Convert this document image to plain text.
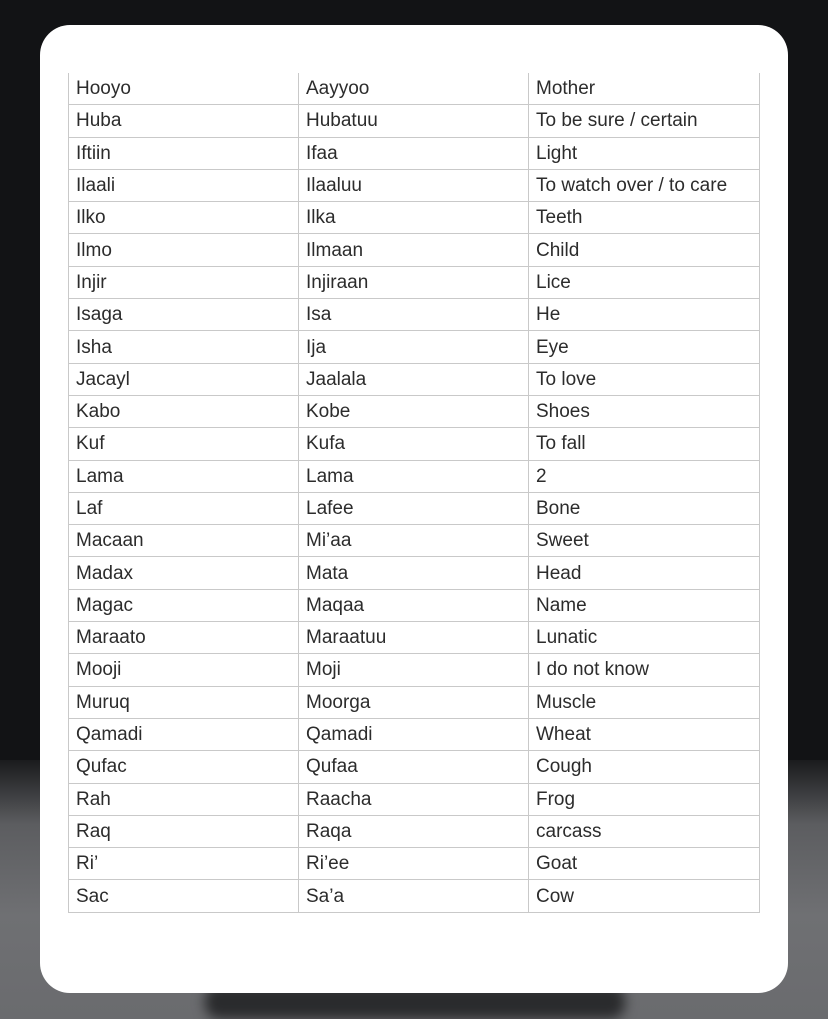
Hooyo	Aayyoo	Mother
Huba	Hubatuu	To be sure / certain
Iftiin	Ifaa	Light
Ilaali	Ilaaluu	To watch over / to care
Ilko	Ilka	Teeth
Ilmo	Ilmaan	Child
Injir	Injiraan	Lice
Isaga	Isa	He
Isha	Ija	Eye
Jacayl	Jaalala	To love
Kabo	Kobe	Shoes
Kuf	Kufa	To fall
Lama	Lama	2
Laf	Lafee	Bone
Macaan	Mi’aa	Sweet
Madax	Mata	Head
Magac	Maqaa	Name
Maraato	Maraatuu	Lunatic
Mooji	Moji	I do not know
Muruq	Moorga	Muscle
Qamadi	Qamadi	Wheat
Qufac	Qufaa	Cough
Rah	Raacha	Frog
Raq	Raqa	carcass
Ri’	Ri’ee	Goat
Sac	Sa’a	Cow
